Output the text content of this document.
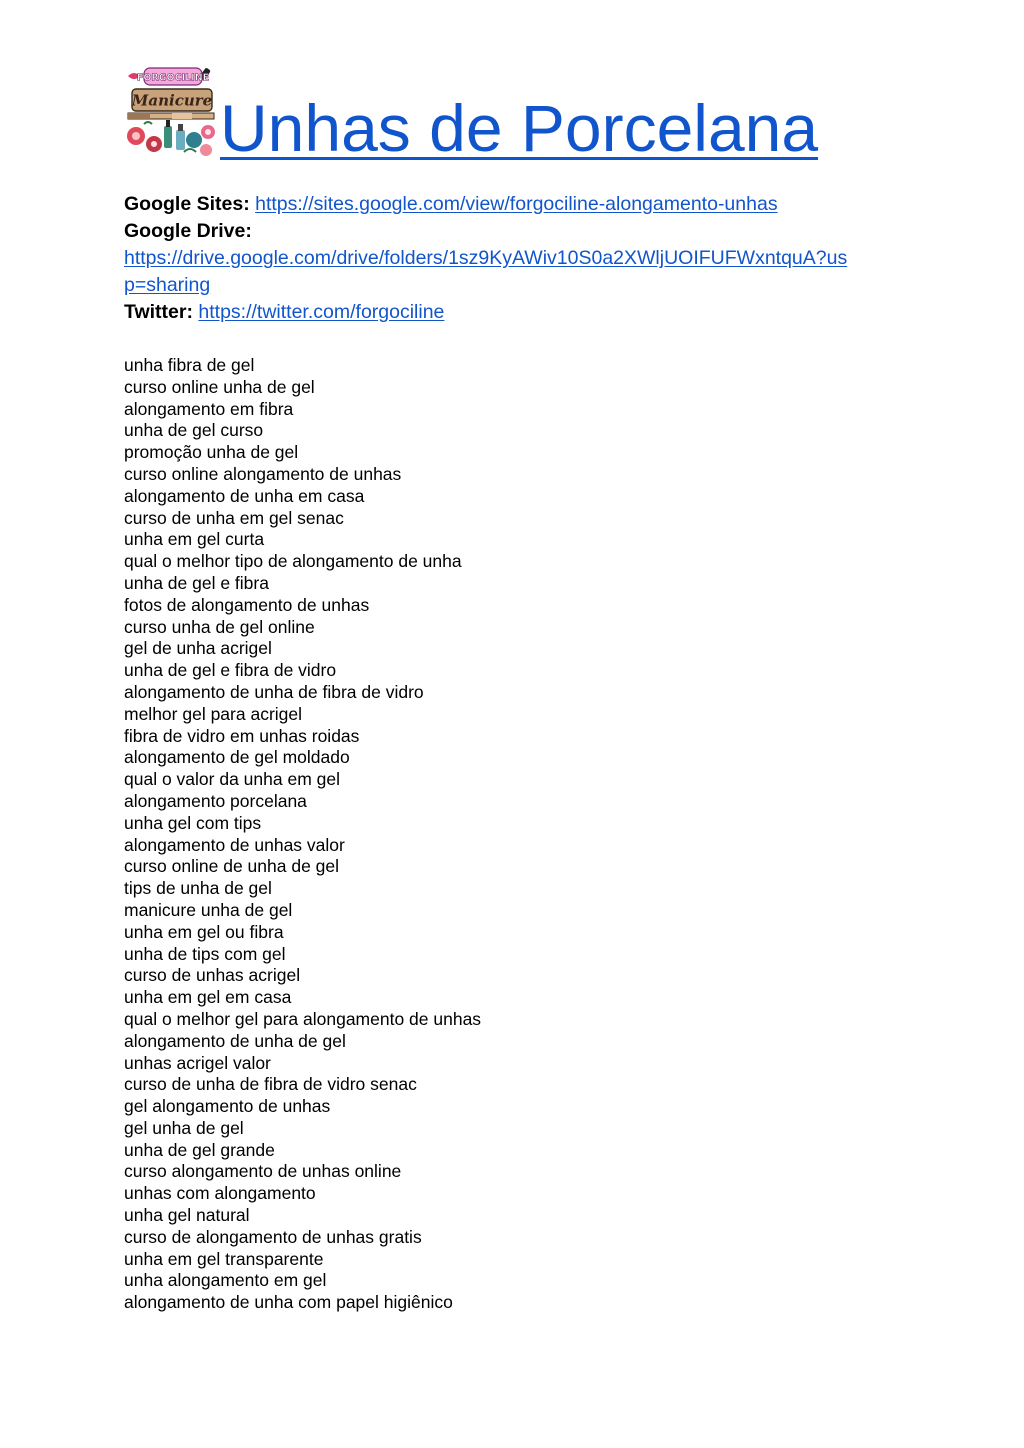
FORGOCILINE
Manicure Unhas de Porcelana
Google Sites: https://sites.google.com/view/forgociline-alongamento-unhas
Google Drive:
https://drive.google.com/drive/folders/1sz9KyAWiv10S0a2XWljUOIFUFWxntquA?us
p=sharing
Twitter: https://twitter.com/forgociline
unha fibra de gel
curso online unha de gel
alongamento em fibra
unha de gel curso
promoção unha de gel
curso online alongamento de unhas
alongamento de unha em casa
curso de unha em gel senac
unha em gel curta
qual o melhor tipo de alongamento de unha
unha de gel e fibra
fotos de alongamento de unhas
curso unha de gel online
gel de unha acrigel
unha de gel e fibra de vidro
alongamento de unha de fibra de vidro
melhor gel para acrigel
fibra de vidro em unhas roidas
alongamento de gel moldado
qual o valor da unha em gel
alongamento porcelana
unha gel com tips
alongamento de unhas valor
curso online de unha de gel
tips de unha de gel
manicure unha de gel
unha em gel ou fibra
unha de tips com gel
curso de unhas acrigel
unha em gel em casa
qual o melhor gel para alongamento de unhas
alongamento de unha de gel
unhas acrigel valor
curso de unha de fibra de vidro senac
gel alongamento de unhas
gel unha de gel
unha de gel grande
curso alongamento de unhas online
unhas com alongamento
unha gel natural
curso de alongamento de unhas gratis
unha em gel transparente
unha alongamento em gel
alongamento de unha com papel higiênico
